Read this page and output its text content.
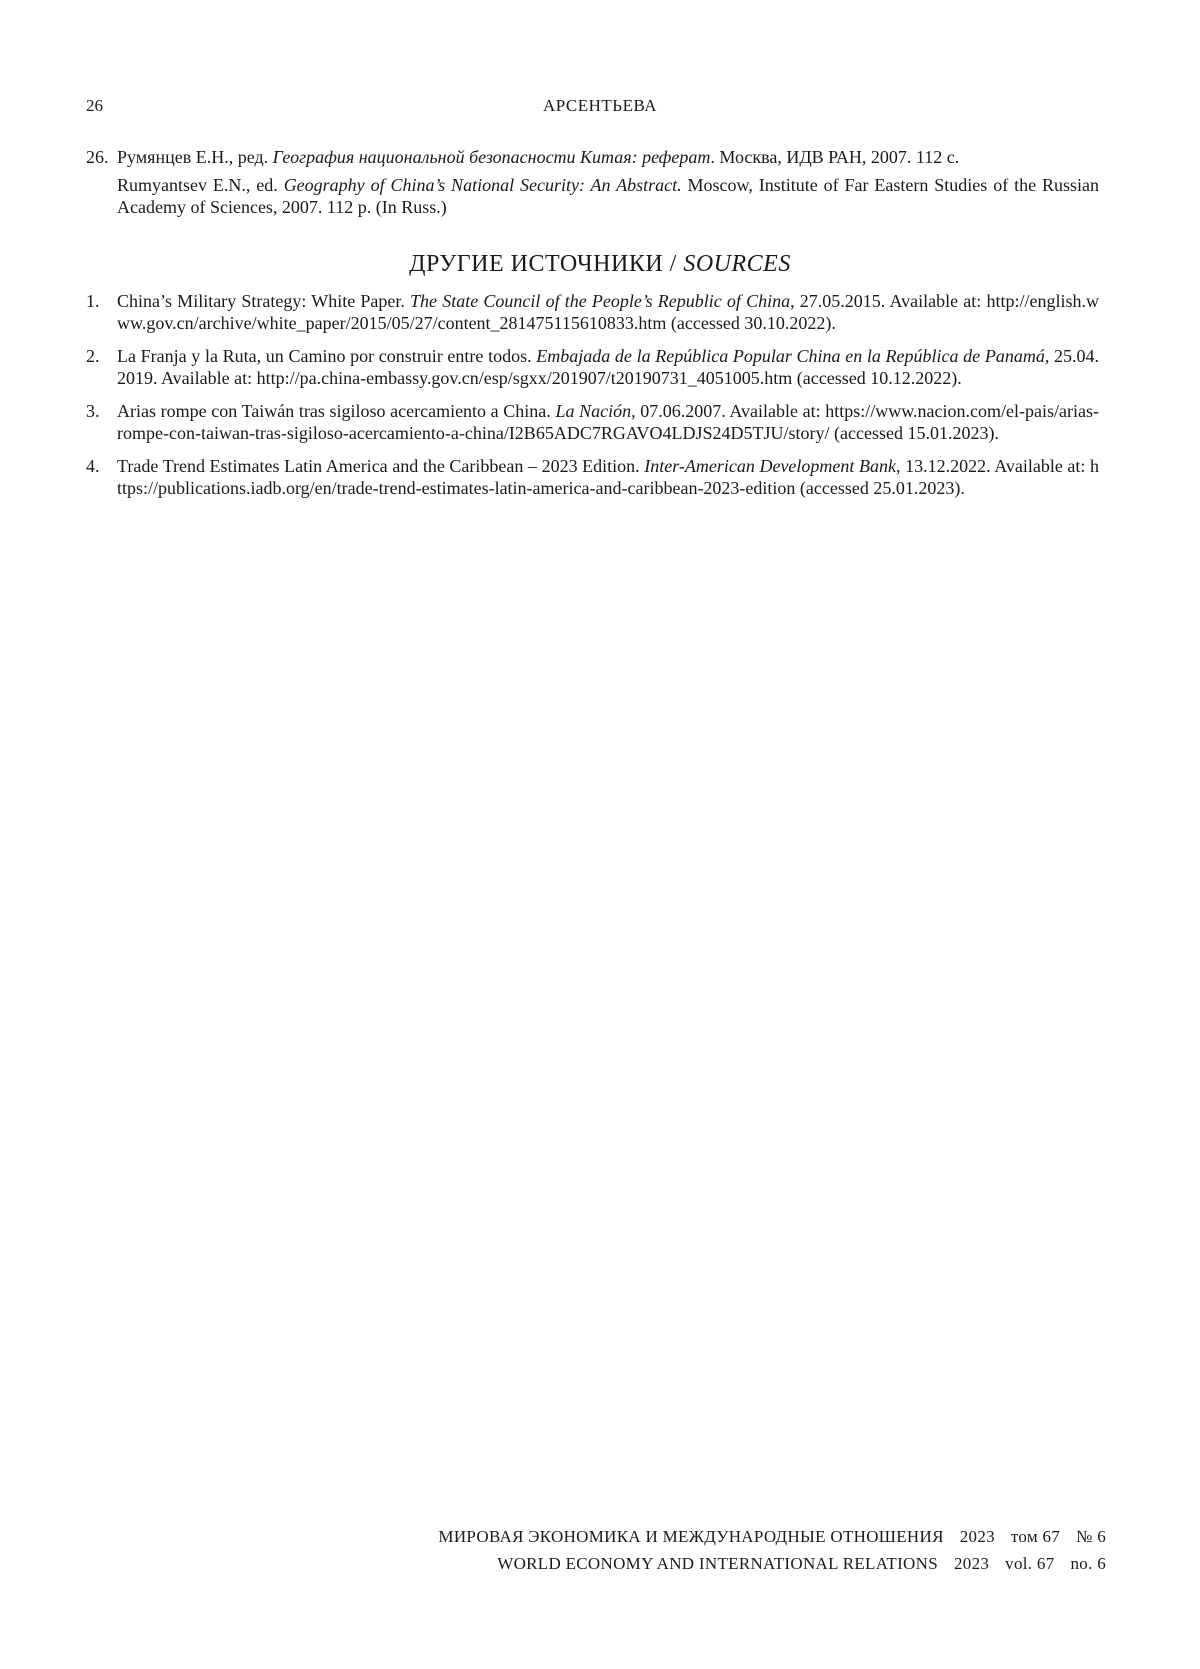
26	АРСЕНТЬЕВА
26. Румянцев Е.Н., ред. География национальной безопасности Китая: реферат. Москва, ИДВ РАН, 2007. 112 с.

Rumyantsev E.N., ed. Geography of China’s National Security: An Abstract. Moscow, Institute of Far Eastern Studies of the Russian Academy of Sciences, 2007. 112 p. (In Russ.)

ДРУГИЕ ИСТОЧНИКИ / SOURCES
1. China’s Military Strategy: White Paper. The State Council of the People’s Republic of China, 27.05.2015. Available at: http://english.www.gov.cn/archive/white_paper/2015/05/27/content_281475115610833.htm (accessed 30.10.2022).
2. La Franja y la Ruta, un Camino por construir entre todos. Embajada de la República Popular China en la República de Panamá, 25.04.2019. Available at: http://pa.china-embassy.gov.cn/esp/sgxx/201907/t20190731_4051005.htm (accessed 10.12.2022).
3. Arias rompe con Taiwán tras sigiloso acercamiento a China. La Nación, 07.06.2007. Available at: https://www.nacion.com/el-pais/arias-rompe-con-taiwan-tras-sigiloso-acercamiento-a-china/I2B65ADC7RGAVO4LDJS24D5TJU/story/ (accessed 15.01.2023).
4. Trade Trend Estimates Latin America and the Caribbean – 2023 Edition. Inter-American Development Bank, 13.12.2022. Available at: https://publications.iadb.org/en/trade-trend-estimates-latin-america-and-caribbean-2023-edition (accessed 25.01.2023).
МИРОВАЯ ЭКОНОМИКА И МЕЖДУНАРОДНЫЕ ОТНОШЕНИЯ 2023 том 67 № 6
WORLD ECONOMY AND INTERNATIONAL RELATIONS 2023 vol. 67 no. 6
